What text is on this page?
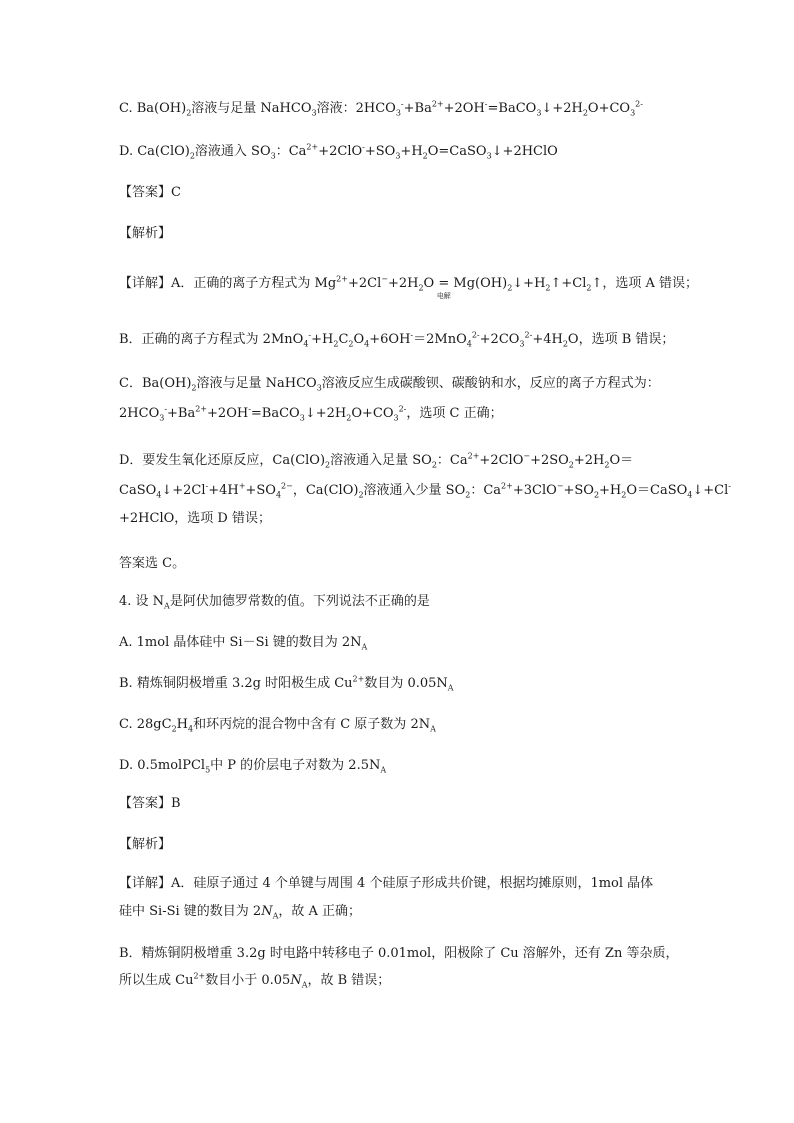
C. $Ba(OH)_2$溶液与足量 NaHCO$_3$溶液：$2HCO_3^-+Ba^{2+}+2OH^-=BaCO_3↓+2H_2O+CO_3^{2-}$
D. $Ca(ClO)_2$溶液通入 $SO_3$：$Ca^{2+}+2ClO^-+SO_3+H_2O=CaSO_3↓+2HClO$
【答案】C
【解析】
【详解】A．正确的离子方程式为 $Mg^{2+}+2Cl^-+2H_2O$ =
电解
$Mg(OH)_2↓+H_2↑+Cl_2↑$，选项 A 错误；
B．正确的离子方程式为 $2MnO_4^-+H_2C_2O_4+6OH^-=2MnO_4^{2-}+2CO_3^{2-}+4H_2O$，选项 B 错误；
C．$Ba(OH)_2$溶液与足量 NaHCO$_3$溶液反应生成碳酸钡、碳酸钠和水，反应的离子方程式为：
$2HCO_3^-+Ba^{2+}+2OH^-=BaCO_3↓+2H_2O+CO_3^{2-}$，选项 C 正确；
D．要发生氧化还原反应，$Ca(ClO)_2$溶液通入足量 $SO_2$：$Ca^{2+}+2ClO^-+2SO_2+2H_2O=$
$CaSO_4↓+2Cl^-+4H^++SO_4^{2-}$，$Ca(ClO)_2$溶液通入少量 $SO_2$：$Ca^{2+}+3ClO^-+SO_2+H_2O=CaSO_4↓+Cl^-$
+2HClO，选项 D 错误；
答案选 C。
4. 设 $N_A$是阿伏加德罗常数的值。下列说法不正确的是
A. 1mol 晶体硅中 Si－Si 键的数目为 $2N_A$
B. 精炼铜阴极增重 3.2g 时阳极生成 $Cu^{2+}$数目为 $0.05N_A$
C. $28gC_2H_4$和环丙烷的混合物中含有 C 原子数为 $2N_A$
D. 0.5molPCl$_5$中 P 的价层电子对数为 $2.5N_A$
【答案】B
【解析】
【详解】A．硅原子通过 4 个单键与周围 4 个硅原子形成共价键，根据均摊原则，1mol 晶体
硅中 Si-Si 键的数目为 $2N_A$，故 A 正确；
B．精炼铜阴极增重 3.2g 时电路中转移电子 0.01mol，阳极除了 Cu 溶解外，还有 Zn 等杂质，
所以生成 $Cu^{2+}$数目小于 $0.05N_A$，故 B 错误；
